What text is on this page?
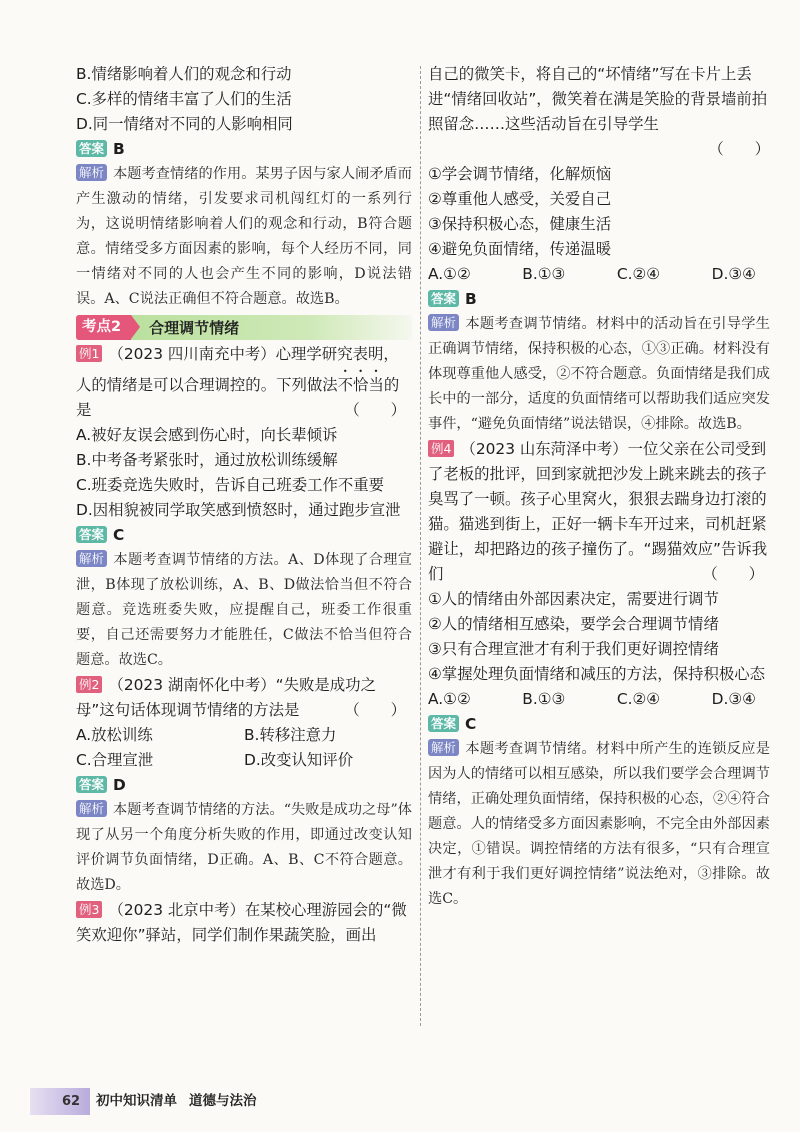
B.情绪影响着人们的观念和行动

C.多样的情绪丰富了人们的生活

D.同一情绪对不同的人影响相同

答案 B

解析 本题考查情绪的作用。某男子因与家人闹矛盾而产生激动的情绪，引发要求司机闯红灯的一系列行为，这说明情绪影响着人们的观念和行动，B符合题意。情绪受多方面因素的影响，每个人经历不同，同一情绪对不同的人也会产生不同的影响，D说法错误。A、C说法正确但不符合题意。故选B。

考点2	合理调节情绪

例1 （2023 四川南充中考）心理学研究表明，人的情绪是可以合理调控的。下列做法不恰当的是	（　　）

A.被好友误会感到伤心时，向长辈倾诉

B.中考备考紧张时，通过放松训练缓解

C.班委竞选失败时，告诉自己班委工作不重要

D.因相貌被同学取笑感到愤怒时，通过跑步宣泄

答案 C

解析 本题考查调节情绪的方法。A、D体现了合理宣泄，B体现了放松训练，A、B、D做法恰当但不符合题意。竞选班委失败，应提醒自己，班委工作很重要，自己还需要努力才能胜任，C做法不恰当但符合题意。故选C。

例2 （2023 湖南怀化中考）“失败是成功之母”这句话体现调节情绪的方法是	（　　）

A.放松训练	B.转移注意力
C.合理宣泄	D.改变认知评价

答案 D

解析 本题考查调节情绪的方法。“失败是成功之母”体现了从另一个角度分析失败的作用，即通过改变认知评价调节负面情绪，D正确。A、B、C不符合题意。故选D。

例3 （2023 北京中考）在某校心理游园会的“微笑欢迎你”驿站，同学们制作果蔬笑脸，画出

自己的微笑卡，将自己的“坏情绪”写在卡片上丢进“情绪回收站”，微笑着在满是笑脸的背景墙前拍照留念……这些活动旨在引导学生

（　　）

①学会调节情绪，化解烦恼

②尊重他人感受，关爱自己

③保持积极心态，健康生活

④避免负面情绪，传递温暖

A.①②	B.①③	C.②④	D.③④

答案 B

解析 本题考查调节情绪。材料中的活动旨在引导学生正确调节情绪，保持积极的心态，①③正确。材料没有体现尊重他人感受，②不符合题意。负面情绪是我们成长中的一部分，适度的负面情绪可以帮助我们适应突发事件，“避免负面情绪”说法错误，④排除。故选B。

例4 （2023 山东菏泽中考）一位父亲在公司受到了老板的批评，回到家就把沙发上跳来跳去的孩子臭骂了一顿。孩子心里窝火，狠狠去踹身边打滚的猫。猫逃到街上，正好一辆卡车开过来，司机赶紧避让，却把路边的孩子撞伤了。“踢猫效应”告诉我们	（　　）

①人的情绪由外部因素决定，需要进行调节

②人的情绪相互感染，要学会合理调节情绪

③只有合理宣泄才有利于我们更好调控情绪

④掌握处理负面情绪和减压的方法，保持积极心态

A.①②	B.①③	C.②④	D.③④

答案 C

解析 本题考查调节情绪。材料中所产生的连锁反应是因为人的情绪可以相互感染，所以我们要学会合理调节情绪，正确处理负面情绪，保持积极的心态，②④符合题意。人的情绪受多方面因素影响，不完全由外部因素决定，①错误。调控情绪的方法有很多，“只有合理宣泄才有利于我们更好调控情绪”说法绝对，③排除。故选C。

62 初中知识清单 道德与法治
